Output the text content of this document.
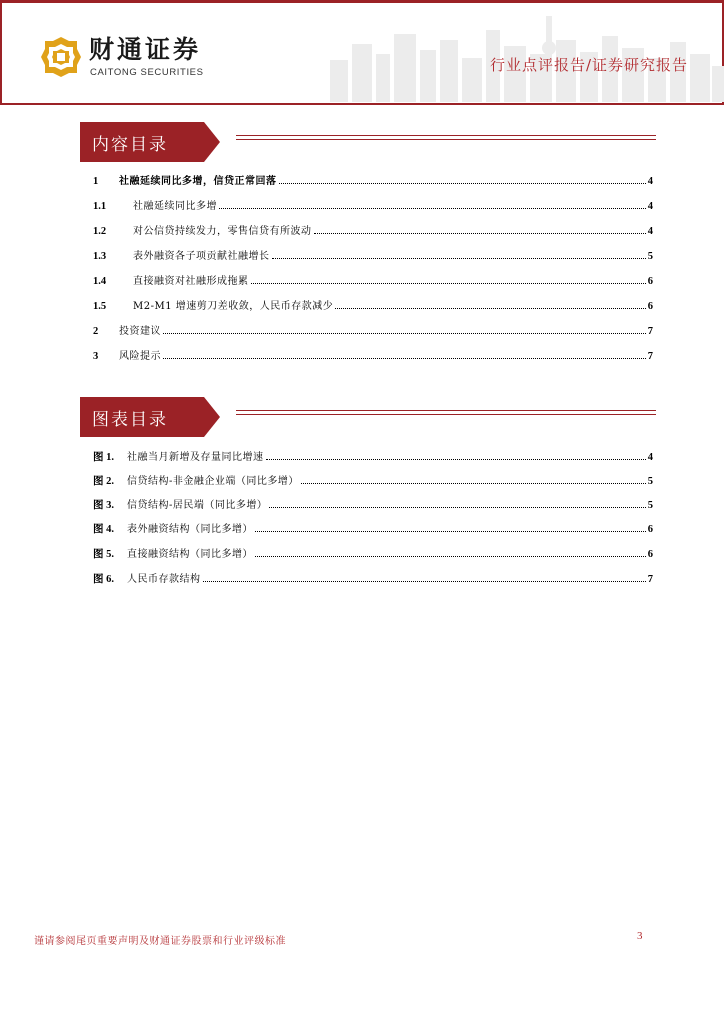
财通证券
CAITONG SECURITIES	行业点评报告/证券研究报告
内容目录
1	社融延续同比多增，信贷正常回落	4
1.1	社融延续同比多增	4
1.2	对公信贷持续发力，零售信贷有所波动	4
1.3	表外融资各子项贡献社融增长	5
1.4	直接融资对社融形成拖累	6
1.5	M2-M1 增速剪刀差收敛，人民币存款减少	6
2	投资建议	7
3	风险提示	7
图表目录
图 1.	社融当月新增及存量同比增速	4
图 2.	信贷结构-非金融企业端（同比多增）	5
图 3.	信贷结构-居民端（同比多增）	5
图 4.	表外融资结构（同比多增）	6
图 5.	直接融资结构（同比多增）	6
图 6.	人民币存款结构	7
谨请参阅尾页重要声明及财通证券股票和行业评级标准	3
